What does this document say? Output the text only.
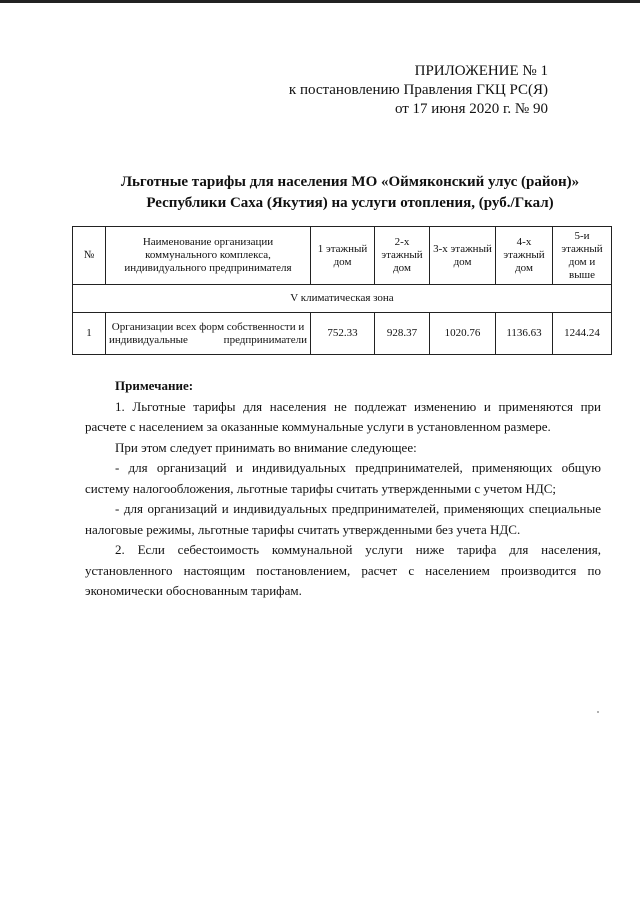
ПРИЛОЖЕНИЕ № 1
к постановлению Правления ГКЦ РС(Я)
от 17 июня 2020 г. № 90
Льготные тарифы для населения МО «Оймяконский улус (район)»
Республики Саха (Якутия) на услуги отопления, (руб./Гкал)
№	Наименование организации коммунального комплекса, индивидуального предпринимателя	1 этажный дом	2-х этажный дом	3-х этажный дом	4-х этажный дом	5-и этажный дом и выше
V климатическая зона						
1	Организации всех форм собственности и индивидуальные предприниматели	752.33	928.37	1020.76	1136.63	1244.24

Примечание:

1. Льготные тарифы для населения не подлежат изменению и применяются при расчете с населением за оказанные коммунальные услуги в установленном размере.

При этом следует принимать во внимание следующее:

- для организаций и индивидуальных предпринимателей, применяющих общую систему налогообложения, льготные тарифы считать утвержденными с учетом НДС;

- для организаций и индивидуальных предпринимателей, применяющих специальные налоговые режимы, льготные тарифы считать утвержденными без учета НДС.

2. Если себестоимость коммунальной услуги ниже тарифа для населения, установленного настоящим постановлением, расчет с населением производится по экономически обоснованным тарифам.
